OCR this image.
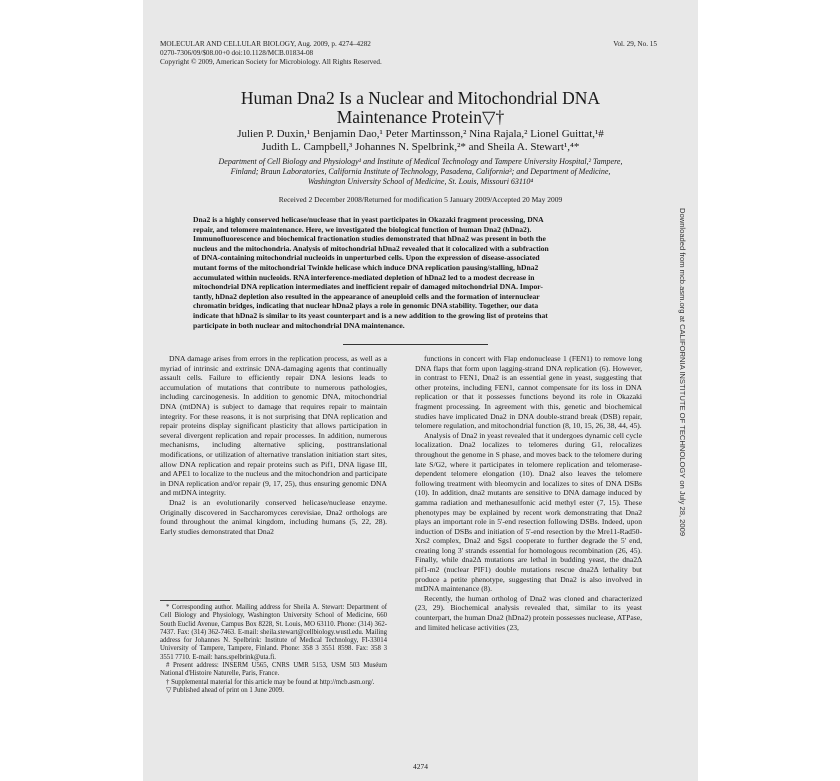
MOLECULAR AND CELLULAR BIOLOGY, Aug. 2009, p. 4274–4282
0270-7306/09/$08.00+0 doi:10.1128/MCB.01834-08
Copyright © 2009, American Society for Microbiology. All Rights Reserved.
Vol. 29, No. 15
Human Dna2 Is a Nuclear and Mitochondrial DNA
Maintenance Protein▽†
Julien P. Duxin,¹ Benjamin Dao,¹ Peter Martinsson,² Nina Rajala,² Lionel Guittat,¹#
Judith L. Campbell,³ Johannes N. Spelbrink,²* and Sheila A. Stewart¹,⁴*
Department of Cell Biology and Physiology¹ and Institute of Medical Technology and Tampere University Hospital,² Tampere,
Finland; Braun Laboratories, California Institute of Technology, Pasadena, California³; and Department of Medicine,
Washington University School of Medicine, St. Louis, Missouri 63110⁴
Received 2 December 2008/Returned for modification 5 January 2009/Accepted 20 May 2009
Dna2 is a highly conserved helicase/nuclease that in yeast participates in Okazaki fragment processing, DNA
repair, and telomere maintenance. Here, we investigated the biological function of human Dna2 (hDna2).
Immunofluorescence and biochemical fractionation studies demonstrated that hDna2 was present in both the
nucleus and the mitochondria. Analysis of mitochondrial hDna2 revealed that it colocalized with a subfraction
of DNA-containing mitochondrial nucleoids in unperturbed cells. Upon the expression of disease-associated
mutant forms of the mitochondrial Twinkle helicase which induce DNA replication pausing/stalling, hDna2
accumulated within nucleoids. RNA interference-mediated depletion of hDna2 led to a modest decrease in
mitochondrial DNA replication intermediates and inefficient repair of damaged mitochondrial DNA. Impor-
tantly, hDna2 depletion also resulted in the appearance of aneuploid cells and the formation of internuclear
chromatin bridges, indicating that nuclear hDna2 plays a role in genomic DNA stability. Together, our data
indicate that hDna2 is similar to its yeast counterpart and is a new addition to the growing list of proteins that
participate in both nuclear and mitochondrial DNA maintenance.

DNA damage arises from errors in the replication process, as well as a myriad of intrinsic and extrinsic DNA-damaging agents that continually assault cells. Failure to efficiently repair DNA lesions leads to accumulation of mutations that contribute to numerous pathologies, including carcinogenesis. In addition to genomic DNA, mitochondrial DNA (mtDNA) is subject to damage that requires repair to maintain integrity. For these reasons, it is not surprising that DNA replication and repair proteins display significant plasticity that allows participation in several divergent replication and repair processes. In addition, numerous mechanisms, including alternative splicing, posttranslational modifications, or utilization of alternative translation initiation start sites, allow DNA replication and repair proteins such as Pif1, DNA ligase III, and APE1 to localize to the nucleus and the mitochondrion and participate in DNA replication and/or repair (9, 17, 25), thus ensuring genomic DNA and mtDNA integrity.

Dna2 is an evolutionarily conserved helicase/nuclease enzyme. Originally discovered in Saccharomyces cerevisiae, Dna2 orthologs are found throughout the animal kingdom, including humans (5, 22, 28). Early studies demonstrated that Dna2

functions in concert with Flap endonuclease 1 (FEN1) to remove long DNA flaps that form upon lagging-strand DNA replication (6). However, in contrast to FEN1, Dna2 is an essential gene in yeast, suggesting that other proteins, including FEN1, cannot compensate for its loss in DNA replication or that it possesses functions beyond its role in Okazaki fragment processing. In agreement with this, genetic and biochemical studies have implicated Dna2 in DNA double-strand break (DSB) repair, telomere regulation, and mitochondrial function (8, 10, 15, 26, 38, 44, 45).

Analysis of Dna2 in yeast revealed that it undergoes dynamic cell cycle localization. Dna2 localizes to telomeres during G1, relocalizes throughout the genome in S phase, and moves back to the telomere during late S/G2, where it participates in telomere replication and telomerase-dependent telomere elongation (10). Dna2 also leaves the telomere following treatment with bleomycin and localizes to sites of DNA DSBs (10). In addition, dna2 mutants are sensitive to DNA damage induced by gamma radiation and methanesulfonic acid methyl ester (7, 15). These phenotypes may be explained by recent work demonstrating that Dna2 plays an important role in 5'-end resection following DSBs. Indeed, upon induction of DSBs and initiation of 5'-end resection by the Mre11-Rad50-Xrs2 complex, Dna2 and Sgs1 cooperate to further degrade the 5' end, creating long 3' strands essential for homologous recombination (26, 45). Finally, while dna2Δ mutations are lethal in budding yeast, the dna2Δ pif1-m2 (nuclear PIF1) double mutations rescue dna2Δ lethality but produce a petite phenotype, suggesting that Dna2 is also involved in mtDNA maintenance (8).

Recently, the human ortholog of Dna2 was cloned and characterized (23, 29). Biochemical analysis revealed that, similar to its yeast counterpart, the human Dna2 (hDna2) protein possesses nuclease, ATPase, and limited helicase activities (23,

* Corresponding author. Mailing address for Sheila A. Stewart: Department of Cell Biology and Physiology, Washington University School of Medicine, 660 South Euclid Avenue, Campus Box 8228, St. Louis, MO 63110. Phone: (314) 362-7437. Fax: (314) 362-7463. E-mail: sheila.stewart@cellbiology.wustl.edu. Mailing address for Johannes N. Spelbrink: Institute of Medical Technology, FI-33014 University of Tampere, Tampere, Finland. Phone: 358 3 3551 8598. Fax: 358 3 3551 7710. E-mail: hans.spelbrink@uta.fi.

# Present address: INSERM U565, CNRS UMR 5153, USM 503 Muséum National d'Histoire Naturelle, Paris, France.

† Supplemental material for this article may be found at http://mcb.asm.org/.

▽ Published ahead of print on 1 June 2009.

4274
Downloaded from mcb.asm.org at CALIFORNIA INSTITUTE OF TECHNOLOGY on July 28, 2009
